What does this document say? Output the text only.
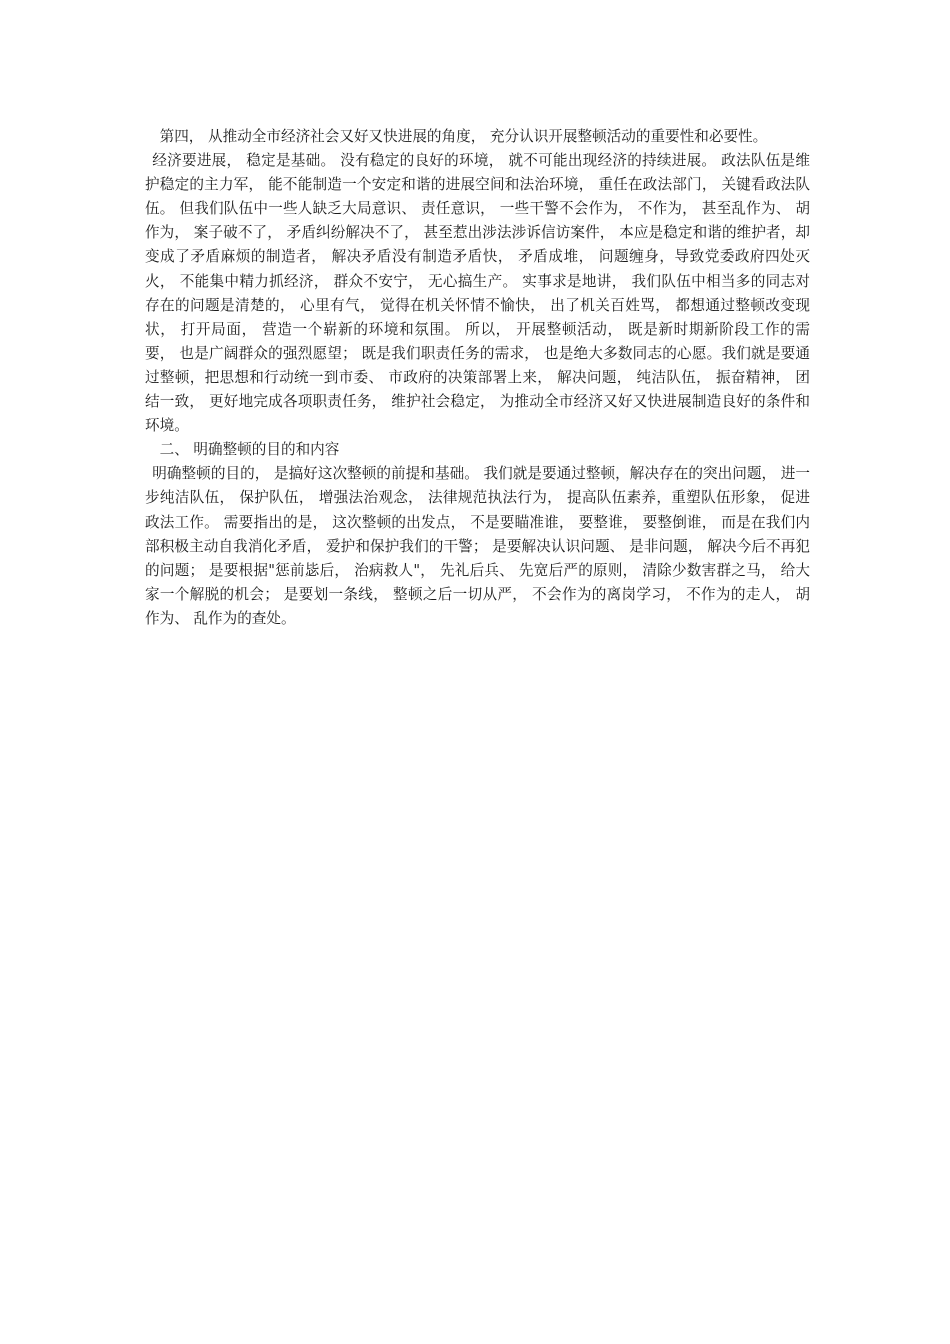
第四， 从推动全市经济社会又好又快进展的角度， 充分认识开展整顿活动的重要性和必要性。

经济要进展， 稳定是基础。 没有稳定的良好的环境， 就不可能出现经济的持续进展。 政法队伍是维护稳定的主力军， 能不能制造一个安定和谐的进展空间和法治环境， 重任在政法部门， 关键看政法队伍。 但我们队伍中一些人缺乏大局意识、 责任意识， 一些干警不会作为， 不作为， 甚至乱作为、 胡作为， 案子破不了， 矛盾纠纷解决不了， 甚至惹出涉法涉诉信访案件， 本应是稳定和谐的维护者，却变成了矛盾麻烦的制造者， 解决矛盾没有制造矛盾快， 矛盾成堆， 问题缠身，导致党委政府四处灭火， 不能集中精力抓经济， 群众不安宁， 无心搞生产。 实事求是地讲， 我们队伍中相当多的同志对存在的问题是清楚的， 心里有气， 觉得在机关怀情不愉快， 出了机关百姓骂， 都想通过整顿改变现状， 打开局面， 营造一个崭新的环境和氛围。 所以， 开展整顿活动， 既是新时期新阶段工作的需要， 也是广阔群众的强烈愿望； 既是我们职责任务的需求， 也是绝大多数同志的心愿。我们就是要通过整顿，把思想和行动统一到市委、 市政府的决策部署上来， 解决问题， 纯洁队伍， 振奋精神， 团结一致， 更好地完成各项职责任务， 维护社会稳定， 为推动全市经济又好又快进展制造良好的条件和环境。

二、 明确整顿的目的和内容

明确整顿的目的， 是搞好这次整顿的前提和基础。 我们就是要通过整顿，解决存在的突出问题， 进一步纯洁队伍， 保护队伍， 增强法治观念， 法律规范执法行为， 提高队伍素养，重塑队伍形象， 促进政法工作。 需要指出的是， 这次整顿的出发点， 不是要瞄准谁， 要整谁， 要整倒谁， 而是在我们内部积极主动自我消化矛盾， 爱护和保护我们的干警； 是要解决认识问题、 是非问题， 解决今后不再犯的问题； 是要根据"惩前毖后， 治病救人"， 先礼后兵、 先宽后严的原则， 清除少数害群之马， 给大家一个解脱的机会； 是要划一条线， 整顿之后一切从严， 不会作为的离岗学习， 不作为的走人， 胡作为、 乱作为的查处。
